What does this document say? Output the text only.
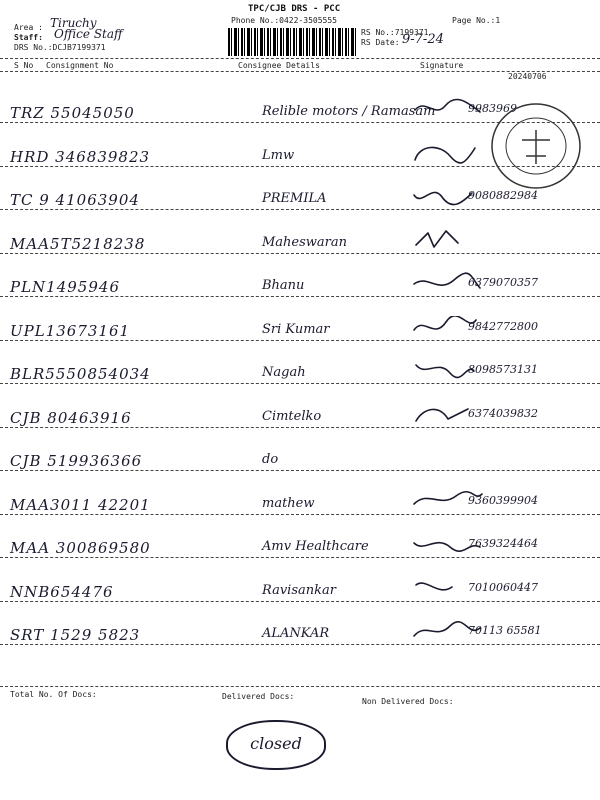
TPC/CJB DRS - PCC
Phone No.:0422-3505555
Area : Tiruchy
Staff: Office Staff
DRS No.:DCJB7199371
RS No.:7199371
RS Date: 9-7-24
Page No.:1
S No Consignment No	Consignee Details	Signature
20240706
TRZ 55045050	Relible motors / Ramasam	9983969
HRD 346839823	Lmw
TC 9 41063904	PREMILA	9080882984
MAA5T5218238	Maheswaran
PLN1495946	Bhanu	6379070357
UPL13673161	Sri Kumar	9842772800
BLR5550854034	Nagah	8098573131
CJB 80463916	Cimtelko	6374039832
CJB 519936366	do
MAA3011 42201	mathew	9360399904
MAA 300869580	Amv Healthcare	7639324464
NNB654476	Ravisankar	7010060447
SRT 1529 5823	ALANKAR	70113 65581
Total No. Of Docs:	Delivered Docs:
Non Delivered Docs:
closed
